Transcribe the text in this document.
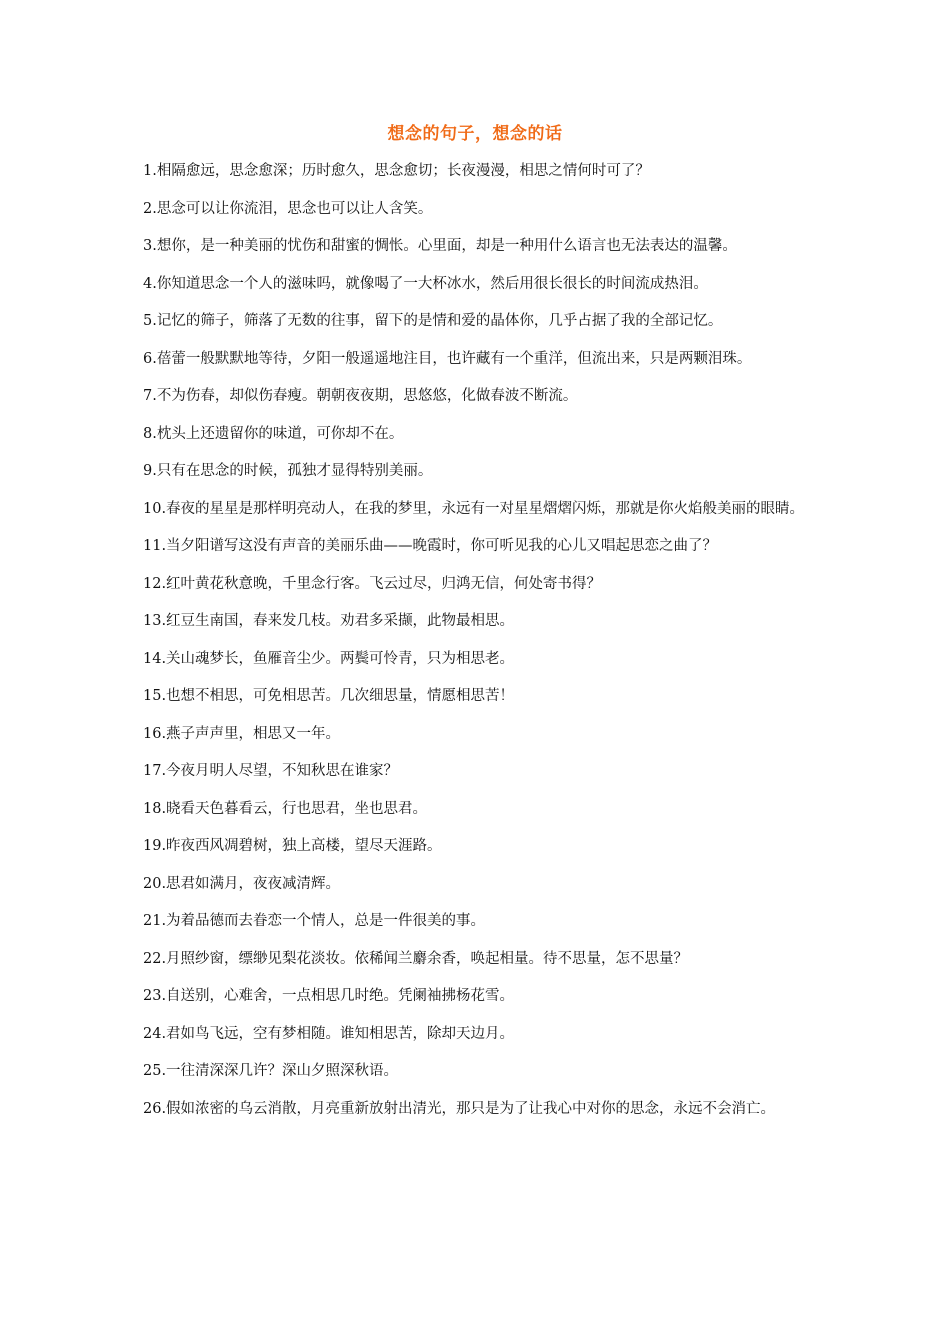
想念的句子，想念的话
1.相隔愈远，思念愈深；历时愈久，思念愈切；长夜漫漫，相思之情何时可了？
2.思念可以让你流泪，思念也可以让人含笑。
3.想你，是一种美丽的忧伤和甜蜜的惆怅。心里面，却是一种用什么语言也无法表达的温馨。
4.你知道思念一个人的滋味吗，就像喝了一大杯冰水，然后用很长很长的时间流成热泪。
5.记忆的筛子，筛落了无数的往事，留下的是情和爱的晶体你，几乎占据了我的全部记忆。
6.蓓蕾一般默默地等待，夕阳一般遥遥地注目，也许藏有一个重洋，但流出来，只是两颗泪珠。
7.不为伤春，却似伤春瘦。朝朝夜夜期，思悠悠，化做春波不断流。
8.枕头上还遗留你的味道，可你却不在。
9.只有在思念的时候，孤独才显得特别美丽。
10.春夜的星星是那样明亮动人，在我的梦里，永远有一对星星熠熠闪烁，那就是你火焰般美丽的眼睛。
11.当夕阳谱写这没有声音的美丽乐曲——晚霞时，你可听见我的心儿又唱起思恋之曲了？
12.红叶黄花秋意晚，千里念行客。飞云过尽，归鸿无信，何处寄书得？
13.红豆生南国，春来发几枝。劝君多采撷，此物最相思。
14.关山魂梦长，鱼雁音尘少。两鬓可怜青，只为相思老。
15.也想不相思，可免相思苦。几次细思量，情愿相思苦！
16.燕子声声里，相思又一年。
17.今夜月明人尽望，不知秋思在谁家？
18.晓看天色暮看云，行也思君，坐也思君。
19.昨夜西风凋碧树，独上高楼，望尽天涯路。
20.思君如满月，夜夜减清辉。
21.为着品德而去眷恋一个情人，总是一件很美的事。
22.月照纱窗，缥缈见梨花淡妆。依稀闻兰麝余香，唤起相量。待不思量，怎不思量？
23.自送别，心难舍，一点相思几时绝。凭阑袖拂杨花雪。
24.君如鸟飞远，空有梦相随。谁知相思苦，除却天边月。
25.一往清深深几许？深山夕照深秋语。
26.假如浓密的乌云消散，月亮重新放射出清光，那只是为了让我心中对你的思念，永远不会消亡。
